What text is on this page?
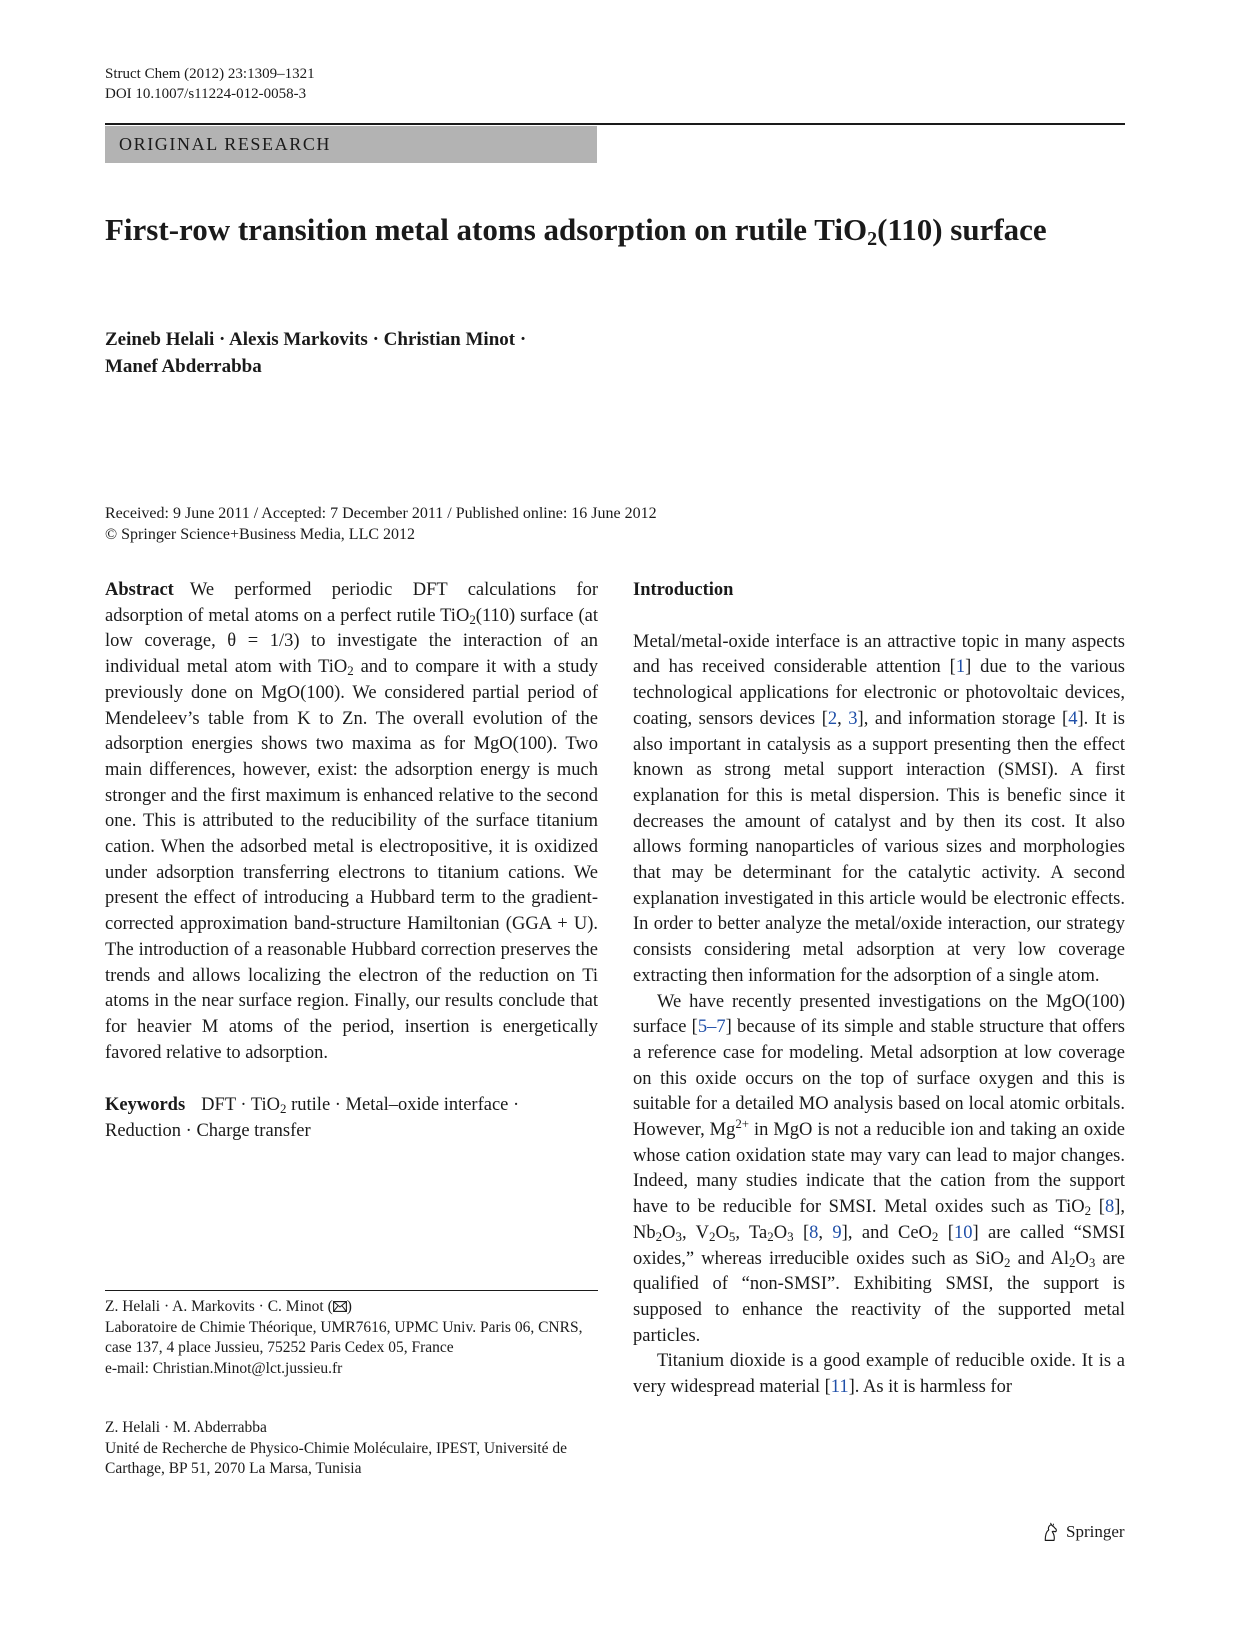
Struct Chem (2012) 23:1309–1321
DOI 10.1007/s11224-012-0058-3
ORIGINAL RESEARCH
First-row transition metal atoms adsorption on rutile TiO$_2$(110) surface
Zeineb Helali · Alexis Markovits · Christian Minot ·
Manef Abderrabba
Received: 9 June 2011 / Accepted: 7 December 2011 / Published online: 16 June 2012
© Springer Science+Business Media, LLC 2012

Abstract We performed periodic DFT calculations for adsorption of metal atoms on a perfect rutile TiO$_2$(110) surface (at low coverage, θ = 1/3) to investigate the interaction of an individual metal atom with TiO$_2$ and to compare it with a study previously done on MgO(100). We considered partial period of Mendeleev’s table from K to Zn. The overall evolution of the adsorption energies shows two maxima as for MgO(100). Two main differences, however, exist: the adsorption energy is much stronger and the first maximum is enhanced relative to the second one. This is attributed to the reducibility of the surface titanium cation. When the adsorbed metal is electropositive, it is oxidized under adsorption transferring electrons to titanium cations. We present the effect of introducing a Hubbard term to the gradient-corrected approximation band-structure Hamiltonian (GGA + U). The introduction of a reasonable Hubbard correction preserves the trends and allows localizing the electron of the reduction on Ti atoms in the near surface region. Finally, our results conclude that for heavier M atoms of the period, insertion is energetically favored relative to adsorption.

Keywords DFT · TiO$_2$ rutile · Metal–oxide interface · Reduction · Charge transfer

Z. Helali · A. Markovits · C. Minot ( )
Laboratoire de Chimie Théorique, UMR7616, UPMC Univ. Paris 06, CNRS, case 137, 4 place Jussieu, 75252 Paris Cedex 05, France
e-mail: Christian.Minot@lct.jussieu.fr
Z. Helali · M. Abderrabba
Unité de Recherche de Physico-Chimie Moléculaire, IPEST, Université de Carthage, BP 51, 2070 La Marsa, Tunisia

Introduction

Metal/metal-oxide interface is an attractive topic in many aspects and has received considerable attention [1] due to the various technological applications for electronic or photovoltaic devices, coating, sensors devices [2, 3], and information storage [4]. It is also important in catalysis as a support presenting then the effect known as strong metal support interaction (SMSI). A first explanation for this is metal dispersion. This is benefic since it decreases the amount of catalyst and by then its cost. It also allows forming nanoparticles of various sizes and morphologies that may be determinant for the catalytic activity. A second explanation investigated in this article would be electronic effects. In order to better analyze the metal/oxide interaction, our strategy consists considering metal adsorption at very low coverage extracting then information for the adsorption of a single atom.

We have recently presented investigations on the MgO(100) surface [5–7] because of its simple and stable structure that offers a reference case for modeling. Metal adsorption at low coverage on this oxide occurs on the top of surface oxygen and this is suitable for a detailed MO analysis based on local atomic orbitals. However, $Mg^{2+}$ in MgO is not a reducible ion and taking an oxide whose cation oxidation state may vary can lead to major changes. Indeed, many studies indicate that the cation from the support have to be reducible for SMSI. Metal oxides such as TiO$_2$ [8], $Nb_2O_3$, $V_2O_5$, $Ta_2O_3$ [8, 9], and CeO$_2$ [10] are called “SMSI oxides,” whereas irreducible oxides such as SiO$_2$ and $Al_2O_3$ are qualified of “non-SMSI”. Exhibiting SMSI, the support is supposed to enhance the reactivity of the supported metal particles.

Titanium dioxide is a good example of reducible oxide. It is a very widespread material [11]. As it is harmless for

Springer
